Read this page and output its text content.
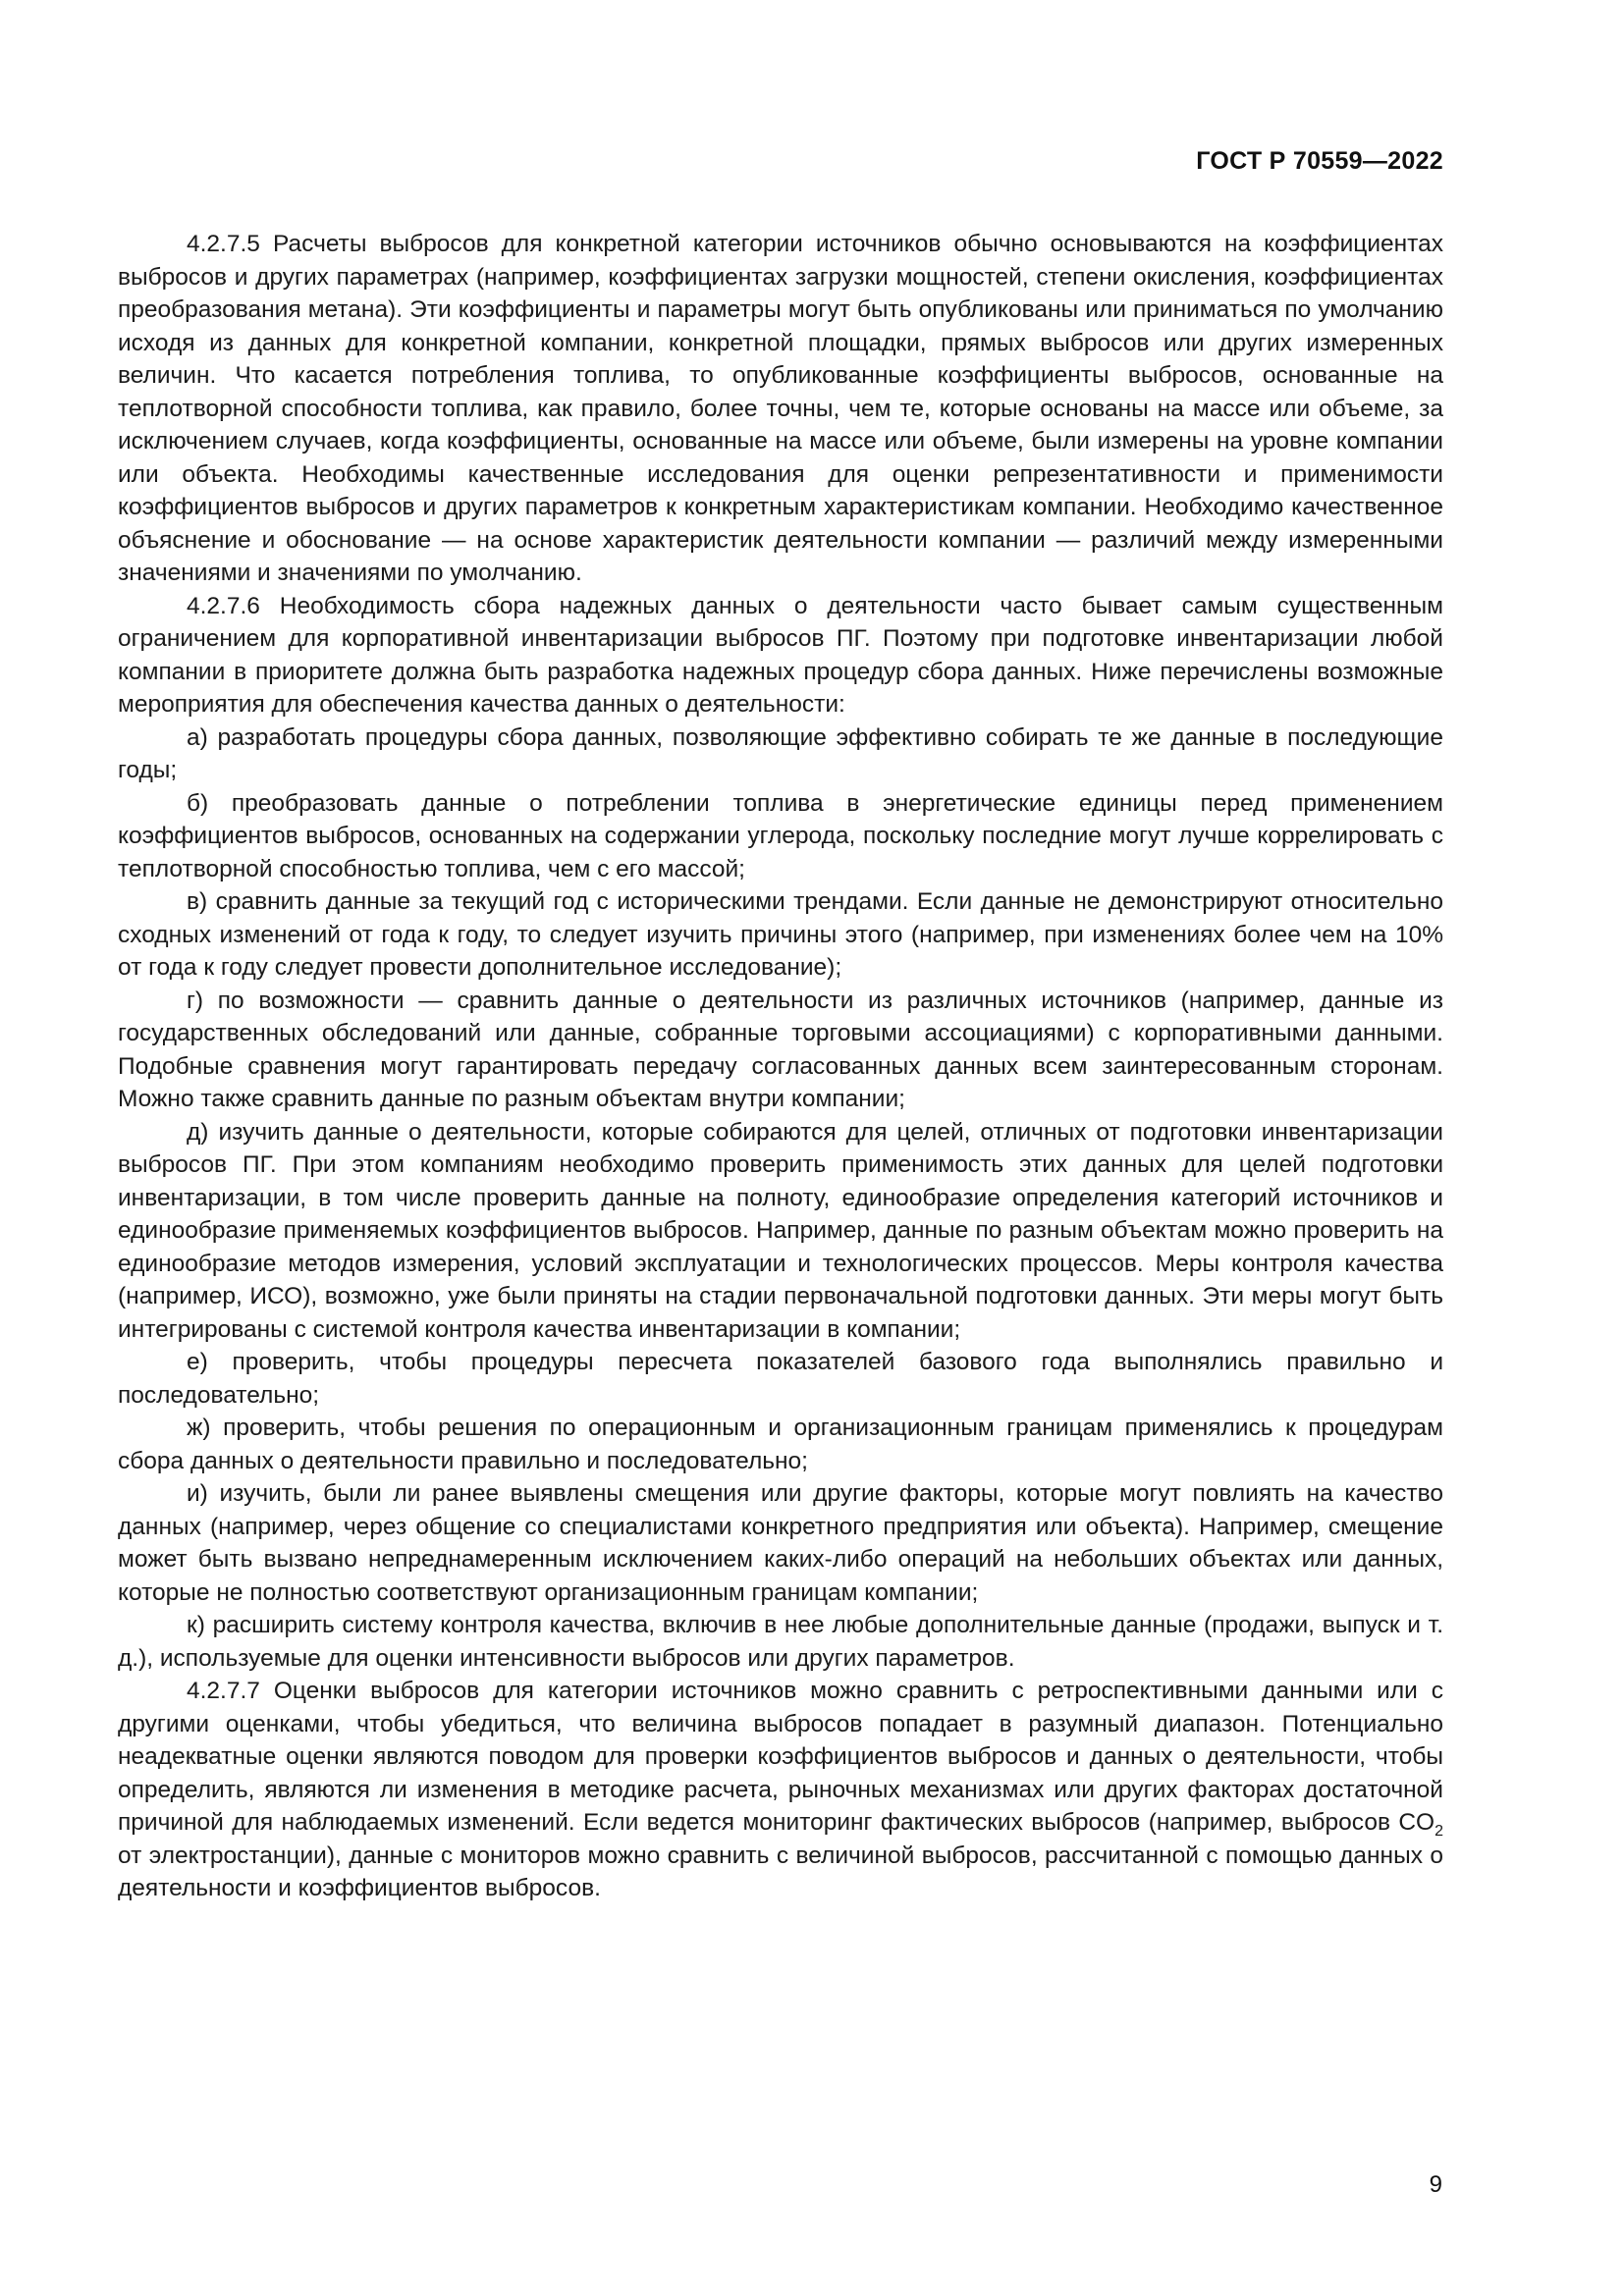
ГОСТ Р 70559—2022

4.2.7.5 Расчеты выбросов для конкретной категории источников обычно основываются на коэффициентах выбросов и других параметрах (например, коэффициентах загрузки мощностей, степени окисления, коэффициентах преобразования метана). Эти коэффициенты и параметры могут быть опубликованы или приниматься по умолчанию исходя из данных для конкретной компании, конкретной площадки, прямых выбросов или других измеренных величин. Что касается потребления топлива, то опубликованные коэффициенты выбросов, основанные на теплотворной способности топлива, как правило, более точны, чем те, которые основаны на массе или объеме, за исключением случаев, когда коэффициенты, основанные на массе или объеме, были измерены на уровне компании или объекта. Необходимы качественные исследования для оценки репрезентативности и применимости коэффициентов выбросов и других параметров к конкретным характеристикам компании. Необходимо качественное объяснение и обоснование — на основе характеристик деятельности компании — различий между измеренными значениями и значениями по умолчанию.

4.2.7.6 Необходимость сбора надежных данных о деятельности часто бывает самым существенным ограничением для корпоративной инвентаризации выбросов ПГ. Поэтому при подготовке инвентаризации любой компании в приоритете должна быть разработка надежных процедур сбора данных. Ниже перечислены возможные мероприятия для обеспечения качества данных о деятельности:

а) разработать процедуры сбора данных, позволяющие эффективно собирать те же данные в последующие годы;

б) преобразовать данные о потреблении топлива в энергетические единицы перед применением коэффициентов выбросов, основанных на содержании углерода, поскольку последние могут лучше коррелировать с теплотворной способностью топлива, чем с его массой;

в) сравнить данные за текущий год с историческими трендами. Если данные не демонстрируют относительно сходных изменений от года к году, то следует изучить причины этого (например, при изменениях более чем на 10% от года к году следует провести дополнительное исследование);

г) по возможности — сравнить данные о деятельности из различных источников (например, данные из государственных обследований или данные, собранные торговыми ассоциациями) с корпоративными данными. Подобные сравнения могут гарантировать передачу согласованных данных всем заинтересованным сторонам. Можно также сравнить данные по разным объектам внутри компании;

д) изучить данные о деятельности, которые собираются для целей, отличных от подготовки инвентаризации выбросов ПГ. При этом компаниям необходимо проверить применимость этих данных для целей подготовки инвентаризации, в том числе проверить данные на полноту, единообразие определения категорий источников и единообразие применяемых коэффициентов выбросов. Например, данные по разным объектам можно проверить на единообразие методов измерения, условий эксплуатации и технологических процессов. Меры контроля качества (например, ИСО), возможно, уже были приняты на стадии первоначальной подготовки данных. Эти меры могут быть интегрированы с системой контроля качества инвентаризации в компании;

е) проверить, чтобы процедуры пересчета показателей базового года выполнялись правильно и последовательно;

ж) проверить, чтобы решения по операционным и организационным границам применялись к процедурам сбора данных о деятельности правильно и последовательно;

и) изучить, были ли ранее выявлены смещения или другие факторы, которые могут повлиять на качество данных (например, через общение со специалистами конкретного предприятия или объекта). Например, смещение может быть вызвано непреднамеренным исключением каких-либо операций на небольших объектах или данных, которые не полностью соответствуют организационным границам компании;

к) расширить систему контроля качества, включив в нее любые дополнительные данные (продажи, выпуск и т. д.), используемые для оценки интенсивности выбросов или других параметров.

4.2.7.7 Оценки выбросов для категории источников можно сравнить с ретроспективными данными или с другими оценками, чтобы убедиться, что величина выбросов попадает в разумный диапазон. Потенциально неадекватные оценки являются поводом для проверки коэффициентов выбросов и данных о деятельности, чтобы определить, являются ли изменения в методике расчета, рыночных механизмах или других факторах достаточной причиной для наблюдаемых изменений. Если ведется мониторинг фактических выбросов (например, выбросов $CO_2$ от электростанции), данные с мониторов можно сравнить с величиной выбросов, рассчитанной с помощью данных о деятельности и коэффициентов выбросов.

9
